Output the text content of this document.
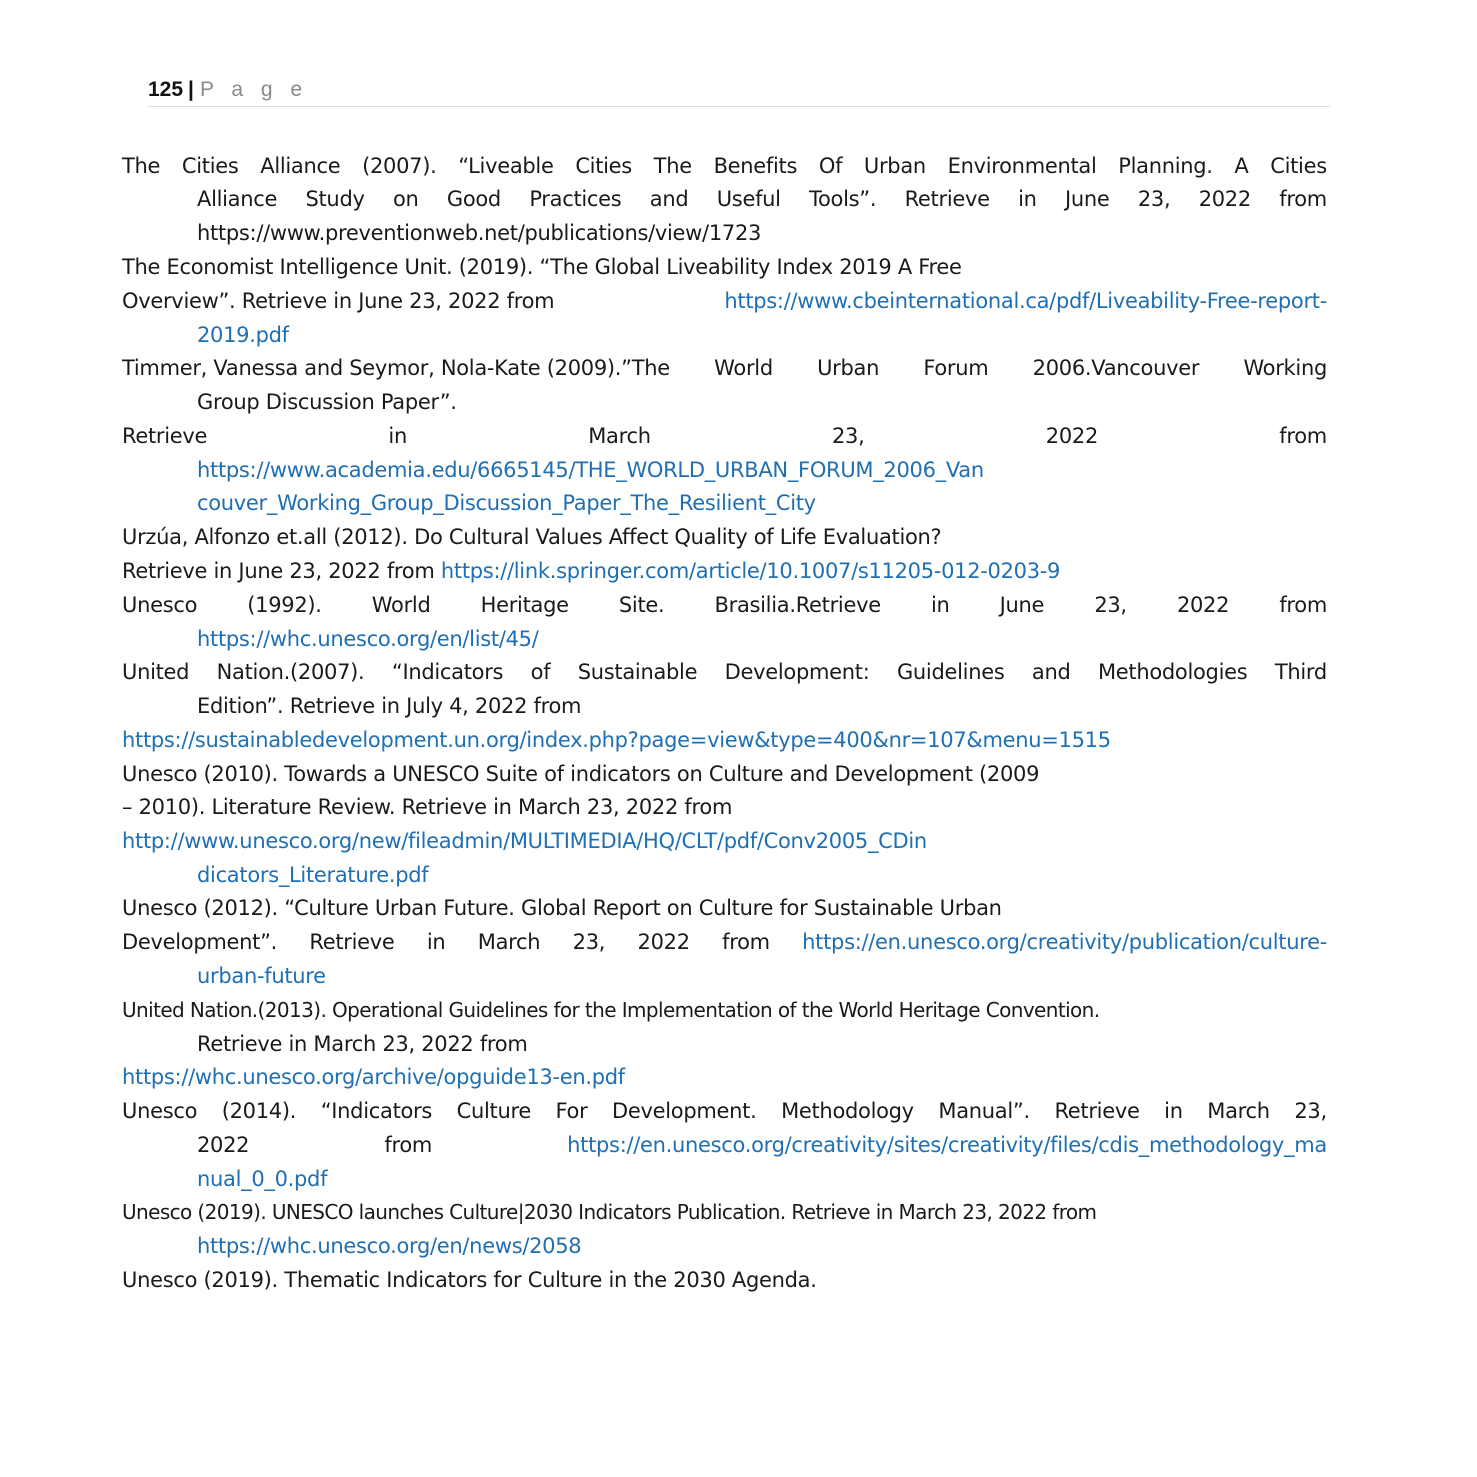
125 | P a g e
The Cities Alliance (2007). “Liveable Cities The Benefits Of Urban Environmental Planning. A Cities
Alliance Study on Good Practices and Useful Tools”. Retrieve in June 23, 2022 from
https://www.preventionweb.net/publications/view/1723
The Economist Intelligence Unit. (2019). “The Global Liveability Index 2019 A Free
Overview”. Retrieve in June 23, 2022 from	https://www.cbeinternational.ca/pdf/Liveability-Free-report-
2019.pdf
Timmer, Vanessa and Seymor, Nola-Kate (2009).”The World Urban Forum 2006.Vancouver Working
Group Discussion Paper”.
Retrieve	in	March	23,	2022	from
https://www.academia.edu/6665145/THE_WORLD_URBAN_FORUM_2006_Van
couver_Working_Group_Discussion_Paper_The_Resilient_City
Urzúa, Alfonzo et.all (2012). Do Cultural Values Affect Quality of Life Evaluation?
Retrieve in June 23, 2022 from https://link.springer.com/article/10.1007/s11205-012-0203-9
Unesco (1992). World Heritage Site. Brasilia.Retrieve in June 23, 2022 from
https://whc.unesco.org/en/list/45/
United Nation.(2007). “Indicators of Sustainable Development: Guidelines and Methodologies Third
Edition”. Retrieve in July 4, 2022 from
https://sustainabledevelopment.un.org/index.php?page=view&type=400&nr=107&menu=1515
Unesco (2010). Towards a UNESCO Suite of indicators on Culture and Development (2009
– 2010). Literature Review. Retrieve in March 23, 2022 from
http://www.unesco.org/new/fileadmin/MULTIMEDIA/HQ/CLT/pdf/Conv2005_CDin
dicators_Literature.pdf
Unesco (2012). “Culture Urban Future. Global Report on Culture for Sustainable Urban
Development”. Retrieve in March 23, 2022 from https://en.unesco.org/creativity/publication/culture-
urban-future
United Nation.(2013). Operational Guidelines for the Implementation of the World Heritage Convention.
Retrieve in March 23, 2022 from
https://whc.unesco.org/archive/opguide13-en.pdf
Unesco (2014). “Indicators Culture For Development. Methodology Manual”. Retrieve in March 23,
2022	from	https://en.unesco.org/creativity/sites/creativity/files/cdis_methodology_ma
nual_0_0.pdf
Unesco (2019). UNESCO launches Culture|2030 Indicators Publication. Retrieve in March 23, 2022 from
https://whc.unesco.org/en/news/2058
Unesco (2019). Thematic Indicators for Culture in the 2030 Agenda.
